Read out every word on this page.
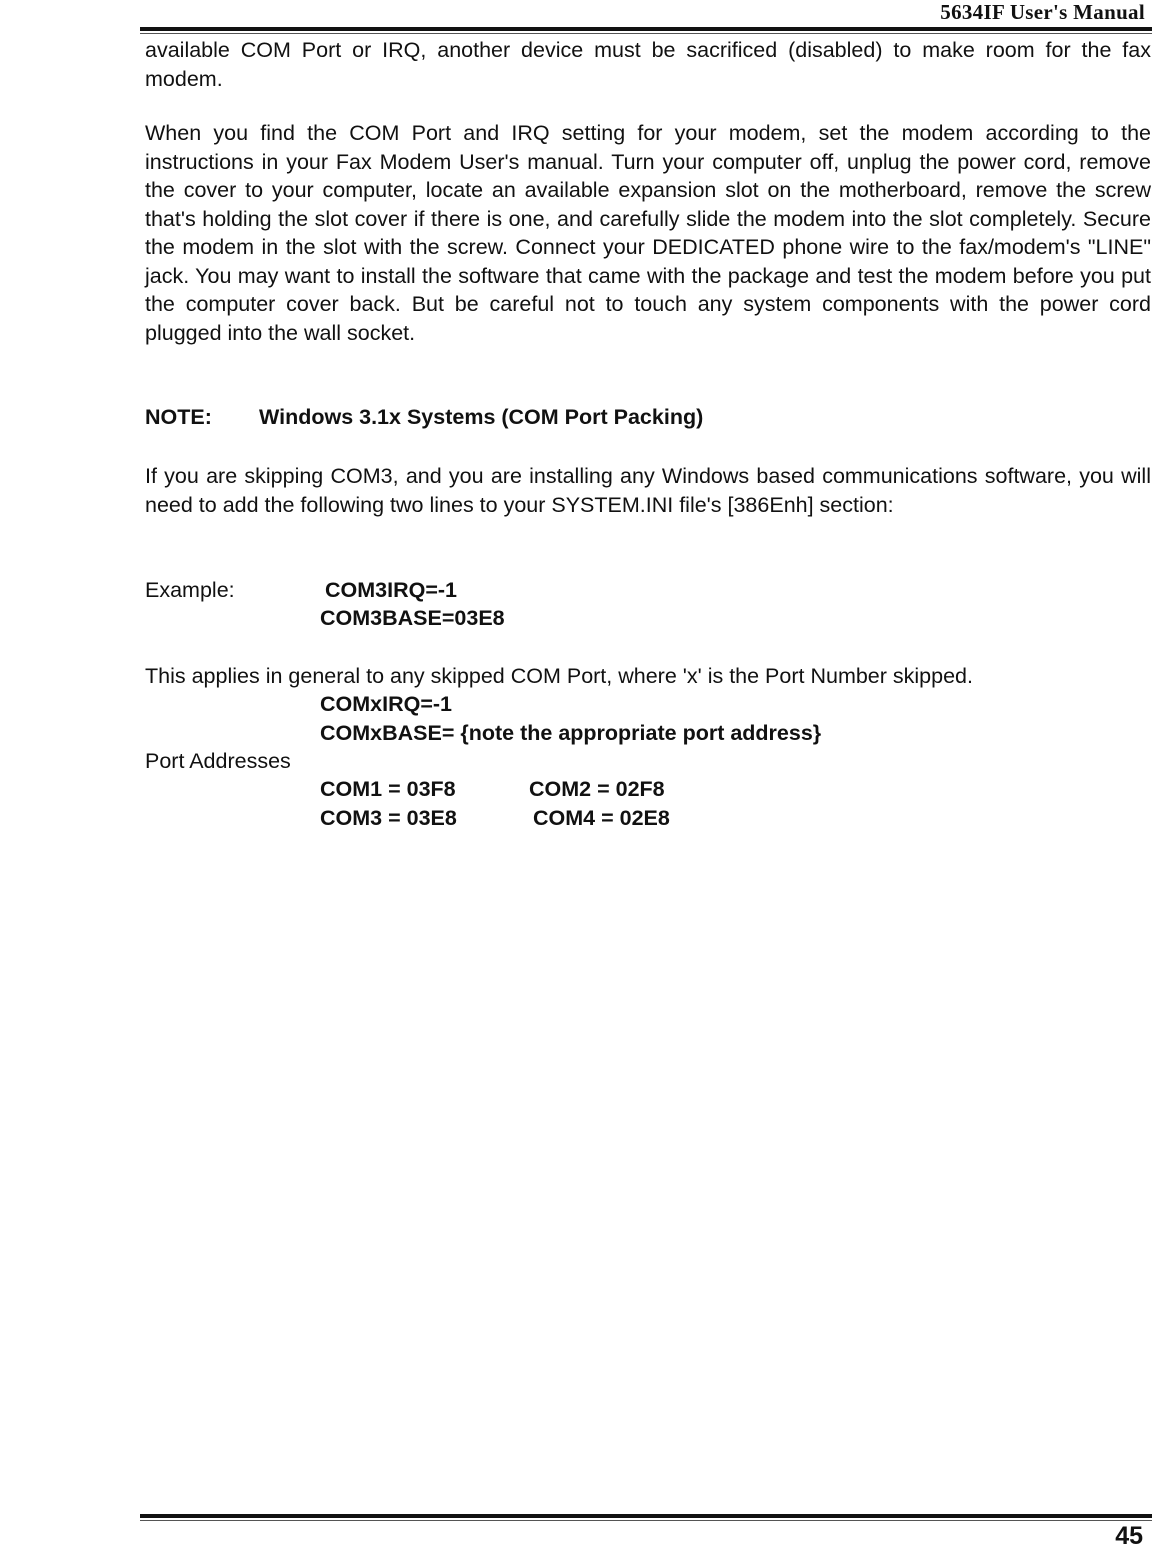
5634IF User's Manual

available COM Port or IRQ, another device must be sacrificed (disabled) to make room for the fax modem.

When you find the COM Port and IRQ setting for your modem, set the modem according to the instructions in your Fax Modem User's manual. Turn your computer off, unplug the power cord, remove the cover to your computer, locate an available expansion slot on the motherboard, remove the screw that's holding the slot cover if there is one, and carefully slide the modem into the slot completely. Secure the modem in the slot with the screw. Connect your DEDICATED phone wire to the fax/modem's "LINE" jack. You may want to install the software that came with the package and test the modem before you put the computer cover back. But be careful not to touch any system components with the power cord plugged into the wall socket.

NOTE: Windows 3.1x Systems (COM Port Packing)

If you are skipping COM3, and you are installing any Windows based communications software, you will need to add the following two lines to your SYSTEM.INI file's [386Enh] section:

Example:	COM3IRQ=-1
COM3BASE=03E8
This applies in general to any skipped COM Port, where 'x' is the Port Number skipped.
COMxIRQ=-1
COMxBASE= {note the appropriate port address}
Port Addresses
COM1 = 03F8	COM2 = 02F8
COM3 = 03E8	COM4 = 02E8
45
